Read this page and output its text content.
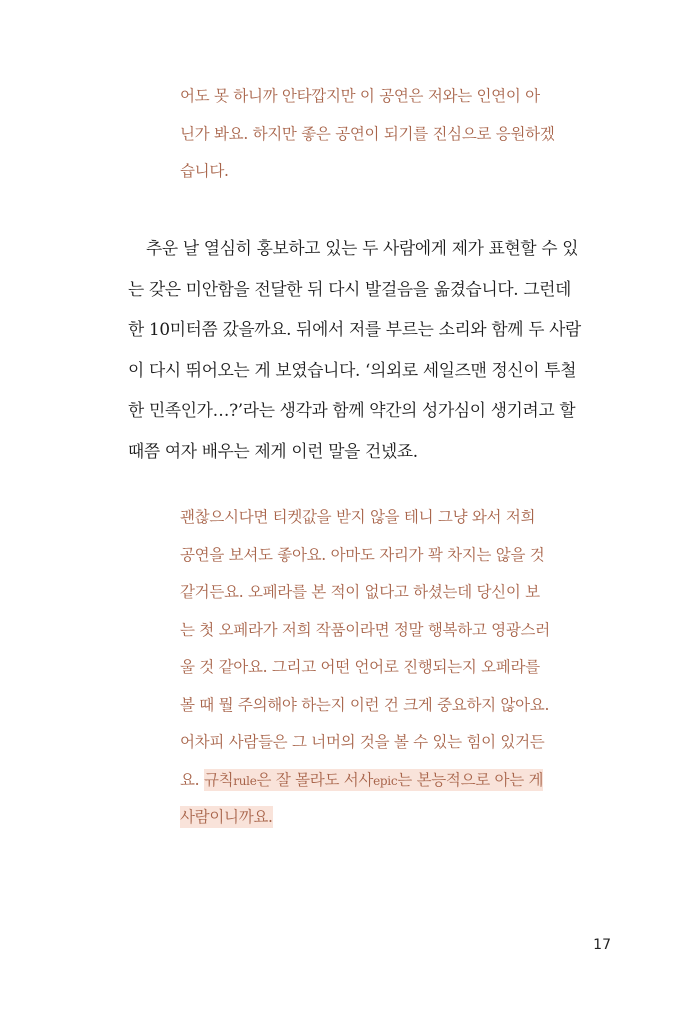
어도 못 하니까 안타깝지만 이 공연은 저와는 인연이 아
닌가 봐요. 하지만 좋은 공연이 되기를 진심으로 응원하겠
습니다.
추운 날 열심히 홍보하고 있는 두 사람에게 제가 표현할 수 있
는 갖은 미안함을 전달한 뒤 다시 발걸음을 옮겼습니다. 그런데
한 10미터쯤 갔을까요. 뒤에서 저를 부르는 소리와 함께 두 사람
이 다시 뛰어오는 게 보였습니다. ‘의외로 세일즈맨 정신이 투철
한 민족인가…?’라는 생각과 함께 약간의 성가심이 생기려고 할
때쯤 여자 배우는 제게 이런 말을 건넸죠.
괜찮으시다면 티켓값을 받지 않을 테니 그냥 와서 저희
공연을 보셔도 좋아요. 아마도 자리가 꽉 차지는 않을 것
같거든요. 오페라를 본 적이 없다고 하셨는데 당신이 보
는 첫 오페라가 저희 작품이라면 정말 행복하고 영광스러
울 것 같아요. 그리고 어떤 언어로 진행되는지 오페라를
볼 때 뭘 주의해야 하는지 이런 건 크게 중요하지 않아요.
어차피 사람들은 그 너머의 것을 볼 수 있는 힘이 있거든
요. 규칙rule은 잘 몰라도 서사epic는 본능적으로 아는 게
사람이니까요.
17
